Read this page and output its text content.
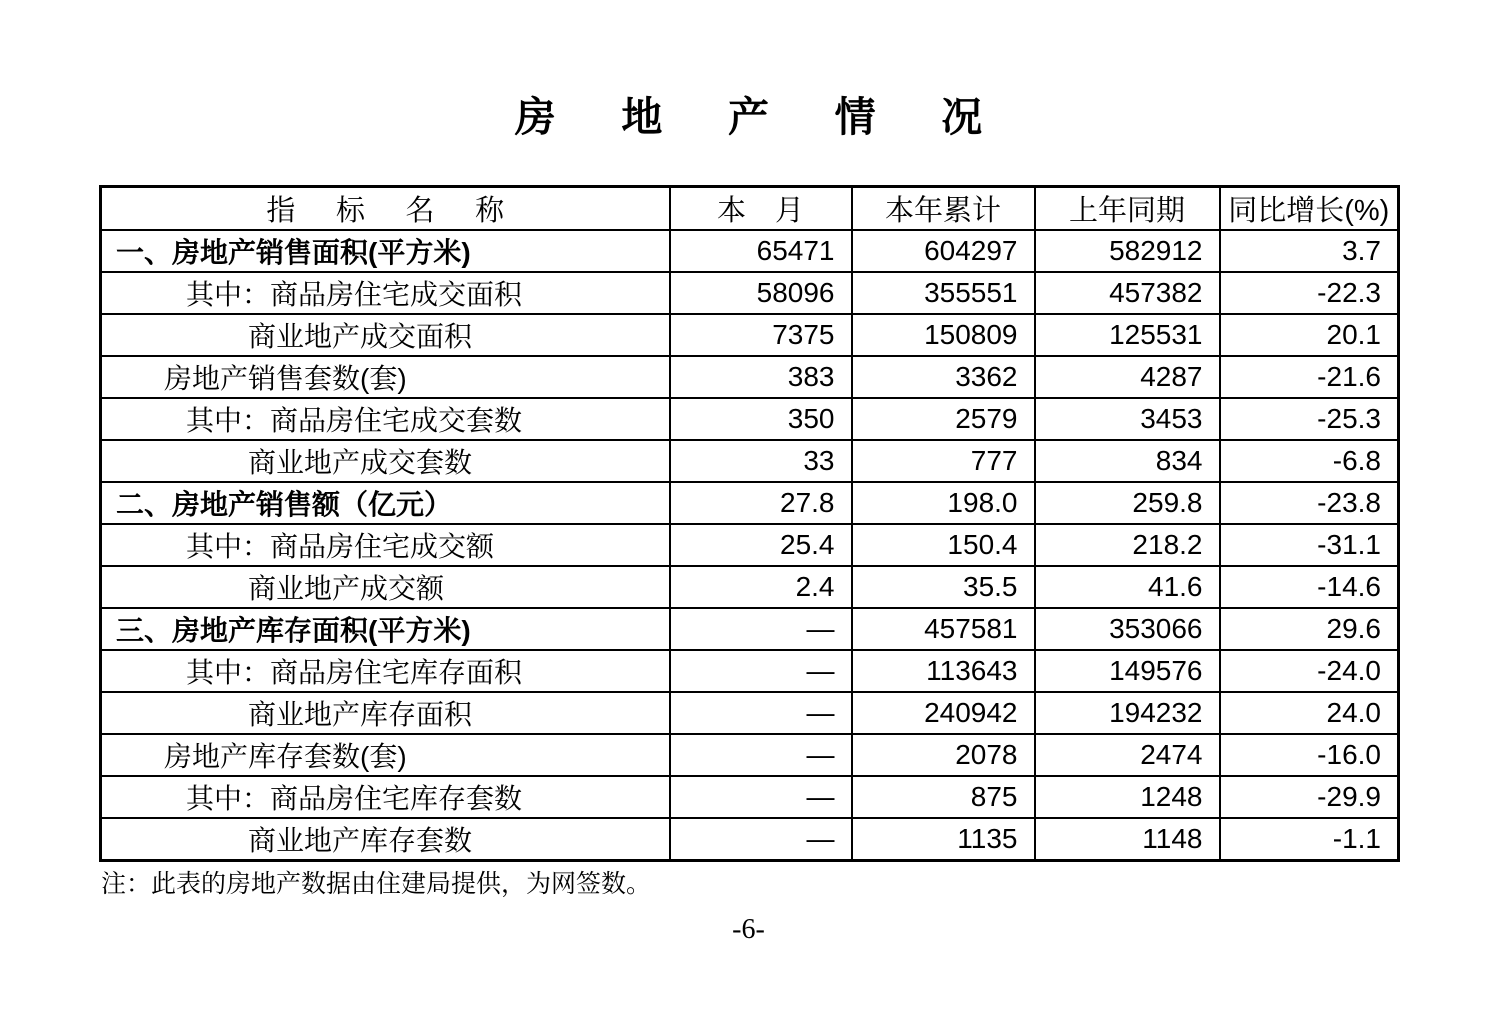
房地产情况
指标名称	本　月	本年累计	上年同期	同比增长(%)
一、房地产销售面积(平方米)	65471	604297	582912	3.7
其中：商品房住宅成交面积	58096	355551	457382	-22.3
商业地产成交面积	7375	150809	125531	20.1
房地产销售套数(套)	383	3362	4287	-21.6
其中：商品房住宅成交套数	350	2579	3453	-25.3
商业地产成交套数	33	777	834	-6.8
二、房地产销售额（亿元）	27.8	198.0	259.8	-23.8
其中：商品房住宅成交额	25.4	150.4	218.2	-31.1
商业地产成交额	2.4	35.5	41.6	-14.6
三、房地产库存面积(平方米)	—	457581	353066	29.6
其中：商品房住宅库存面积	—	113643	149576	-24.0
商业地产库存面积	—	240942	194232	24.0
房地产库存套数(套)	—	2078	2474	-16.0
其中：商品房住宅库存套数	—	875	1248	-29.9
商业地产库存套数	—	1135	1148	-1.1

注：此表的房地产数据由住建局提供，为网签数。

-6-
